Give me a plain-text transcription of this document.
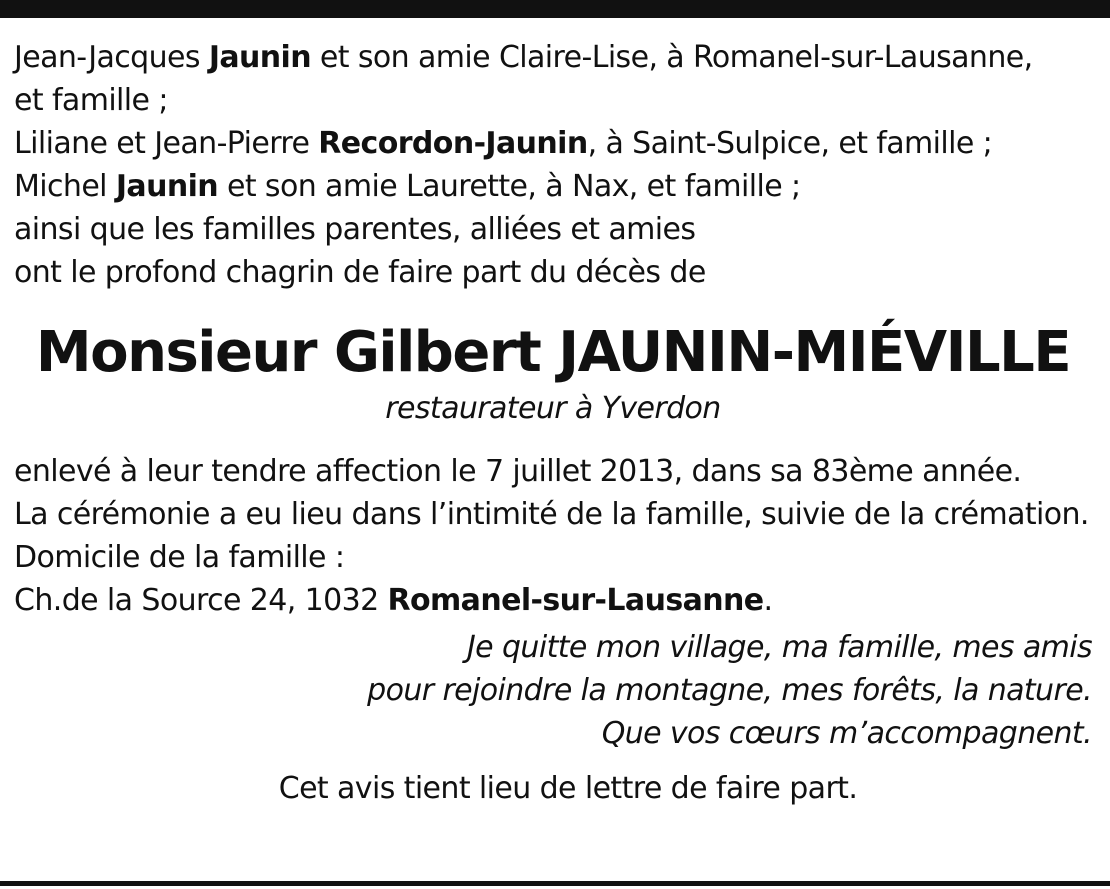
Jean-Jacques Jaunin et son amie Claire-Lise, à Romanel-sur-Lausanne,
et famille ;
Liliane et Jean-Pierre Recordon-Jaunin, à Saint-Sulpice, et famille ;
Michel Jaunin et son amie Laurette, à Nax, et famille ;
ainsi que les familles parentes, alliées et amies
ont le profond chagrin de faire part du décès de
Monsieur Gilbert JAUNIN-MIÉVILLE
restaurateur à Yverdon

enlevé à leur tendre affection le 7 juillet 2013, dans sa 83ème année.

La cérémonie a eu lieu dans l’intimité de la famille, suivie de la crémation.

Domicile de la famille :

Ch.de la Source 24, 1032 Romanel-sur-Lausanne.

Je quitte mon village, ma famille, mes amis
pour rejoindre la montagne, mes forêts, la nature.
Que vos cœurs m’accompagnent.
Cet avis tient lieu de lettre de faire part.
